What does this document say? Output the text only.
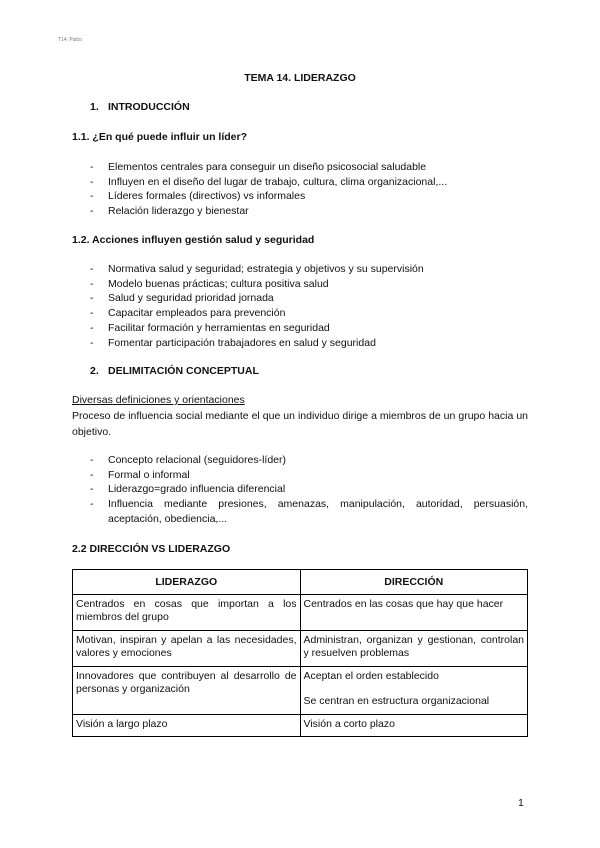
T14: Palco
TEMA 14. LIDERAZGO
1. INTRODUCCIÓN
1.1. ¿En qué puede influir un líder?
- Elementos centrales para conseguir un diseño psicosocial saludable
- Influyen en el diseño del lugar de trabajo, cultura, clima organizacional,...
- Líderes formales (directivos) vs informales
- Relación liderazgo y bienestar
1.2. Acciones influyen gestión salud y seguridad
- Normativa salud y seguridad; estrategia y objetivos y su supervisión
- Modelo buenas prácticas; cultura positiva salud
- Salud y seguridad prioridad jornada
- Capacitar empleados para prevención
- Facilitar formación y herramientas en seguridad
- Fomentar participación trabajadores en salud y seguridad
2. DELIMITACIÓN CONCEPTUAL
Diversas definiciones y orientaciones
Proceso de influencia social mediante el que un individuo dirige a miembros de un grupo hacia un objetivo.
- Concepto relacional (seguidores-líder)
- Formal o informal
- Liderazgo=grado influencia diferencial
- Influencia mediante presiones, amenazas, manipulación, autoridad, persuasión, aceptación, obediencia,...
2.2 DIRECCIÓN VS LIDERAZGO
LIDERAZGO	DIRECCIÓN
Centrados en cosas que importan a los miembros del grupo	Centrados en las cosas que hay que hacer

Motivan, inspiran y apelan a las necesidades, valores y emociones	Administran, organizan y gestionan, controlan y resuelven problemas

Innovadores que contribuyen al desarrollo de personas y organización	Aceptan el orden establecido

Se centran en estructura organizacional

Visión a largo plazo	Visión a corto plazo

1
